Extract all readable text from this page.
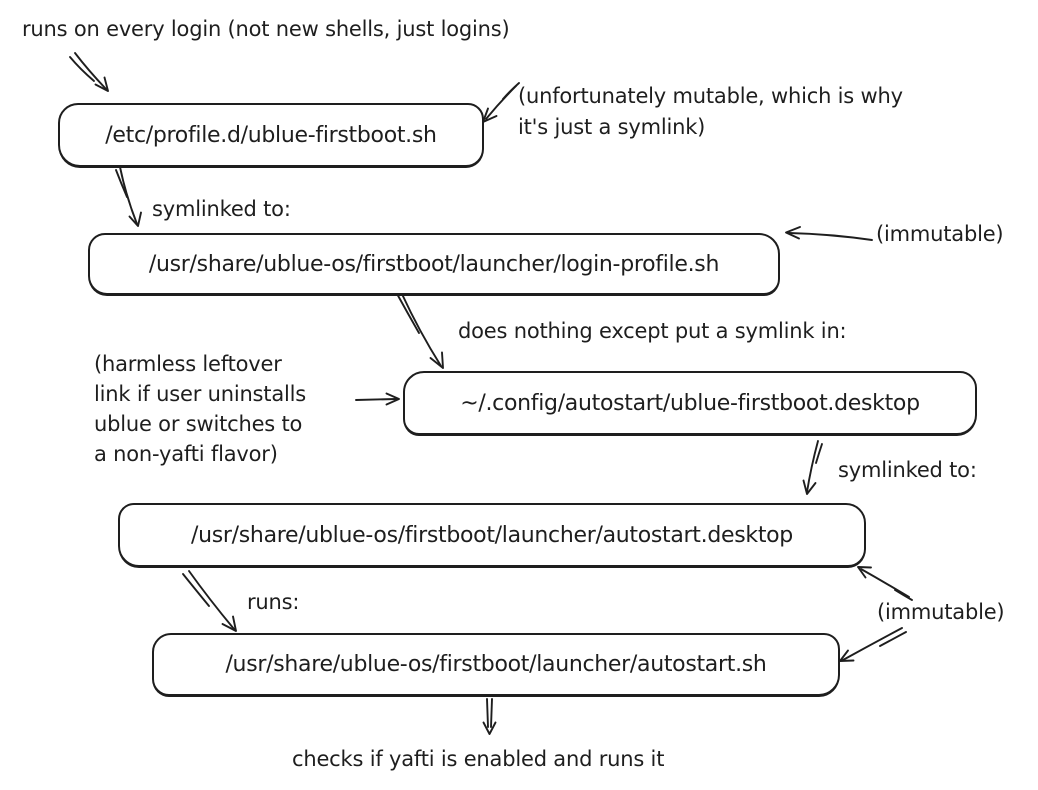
runs on every login (not new shells, just logins)
(unfortunately mutable, which is why
it's just a symlink)
symlinked to:
(immutable)
does nothing except put a symlink in:
(harmless leftover
link if user uninstalls
ublue or switches to
a non-yafti flavor)
symlinked to:
runs:	(immutable)
checks if yafti is enabled and runs it
/etc/profile.d/ublue-firstboot.sh
/usr/share/ublue-os/firstboot/launcher/login-profile.sh
~/.config/autostart/ublue-firstboot.desktop
/usr/share/ublue-os/firstboot/launcher/autostart.desktop
/usr/share/ublue-os/firstboot/launcher/autostart.sh
